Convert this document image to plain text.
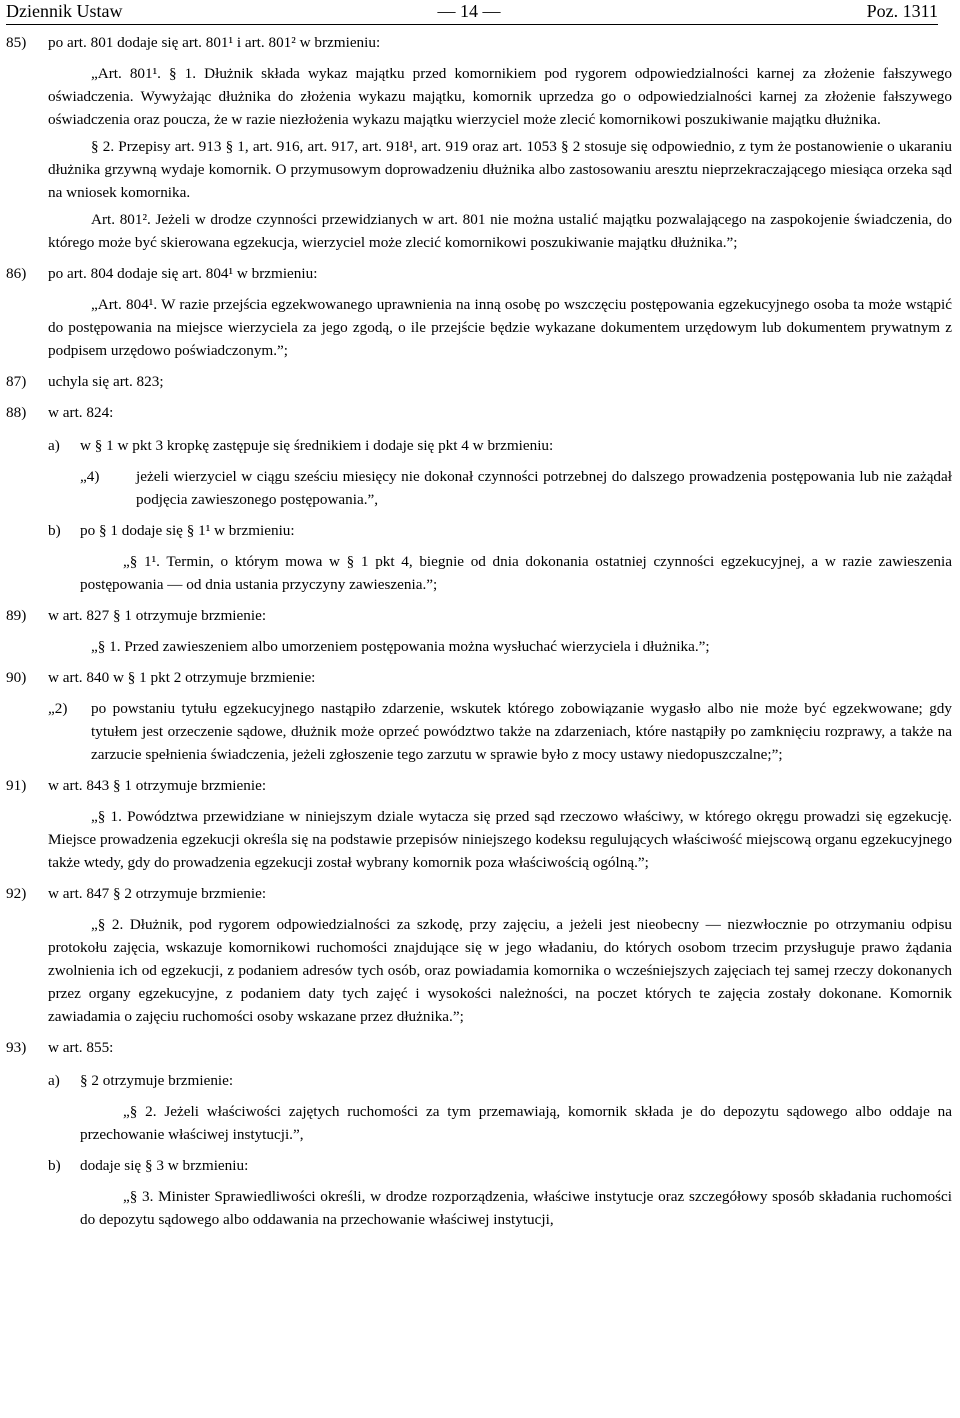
Dziennik Ustaw	— 14 —	Poz. 1311
85) po art. 801 dodaje się art. 801¹ i art. 801² w brzmieniu:
„Art. 801¹. § 1. Dłużnik składa wykaz majątku przed komornikiem pod rygorem odpowiedzialności karnej za złożenie fałszywego oświadczenia. Wywyżając dłużnika do złożenia wykazu majątku, komornik uprzedza go o odpowiedzialności karnej za złożenie fałszywego oświadczenia oraz poucza, że w razie niezłożenia wykazu majątku wierzyciel może zlecić komornikowi poszukiwanie majątku dłużnika.
§ 2. Przepisy art. 913 § 1, art. 916, art. 917, art. 918¹, art. 919 oraz art. 1053 § 2 stosuje się odpowiednio, z tym że postanowienie o ukaraniu dłużnika grzywną wydaje komornik. O przymusowym doprowadzeniu dłużnika albo zastosowaniu aresztu nieprzekraczającego miesiąca orzeka sąd na wniosek komornika.
Art. 801². Jeżeli w drodze czynności przewidzianych w art. 801 nie można ustalić majątku pozwalającego na zaspokojenie świadczenia, do którego może być skierowana egzekucja, wierzyciel może zlecić komornikowi poszukiwanie majątku dłużnika.”;
86) po art. 804 dodaje się art. 804¹ w brzmieniu:
„Art. 804¹. W razie przejścia egzekwowanego uprawnienia na inną osobę po wszczęciu postępowania egzekucyjnego osoba ta może wstąpić do postępowania na miejsce wierzyciela za jego zgodą, o ile przejście będzie wykazane dokumentem urzędowym lub dokumentem prywatnym z podpisem urzędowo poświadczonym.”;
87) uchyla się art. 823;
88) w art. 824:
a) w § 1 w pkt 3 kropkę zastępuje się średnikiem i dodaje się pkt 4 w brzmieniu:
„4) jeżeli wierzyciel w ciągu sześciu miesięcy nie dokonał czynności potrzebnej do dalszego prowadzenia postępowania lub nie zażądał podjęcia zawieszonego postępowania.”,
b) po § 1 dodaje się § 1¹ w brzmieniu:
„§ 1¹. Termin, o którym mowa w § 1 pkt 4, biegnie od dnia dokonania ostatniej czynności egzekucyjnej, a w razie zawieszenia postępowania — od dnia ustania przyczyny zawieszenia.”;
89) w art. 827 § 1 otrzymuje brzmienie:
„§ 1. Przed zawieszeniem albo umorzeniem postępowania można wysłuchać wierzyciela i dłużnika.”;
90) w art. 840 w § 1 pkt 2 otrzymuje brzmienie:
„2) po powstaniu tytułu egzekucyjnego nastąpiło zdarzenie, wskutek którego zobowiązanie wygasło albo nie może być egzekwowane; gdy tytułem jest orzeczenie sądowe, dłużnik może oprzeć powództwo także na zdarzeniach, które nastąpiły po zamknięciu rozprawy, a także na zarzucie spełnienia świadczenia, jeżeli zgłoszenie tego zarzutu w sprawie było z mocy ustawy niedopuszczalne;”;
91) w art. 843 § 1 otrzymuje brzmienie:
„§ 1. Powództwa przewidziane w niniejszym dziale wytacza się przed sąd rzeczowo właściwy, w którego okręgu prowadzi się egzekucję. Miejsce prowadzenia egzekucji określa się na podstawie przepisów niniejszego kodeksu regulujących właściwość miejscową organu egzekucyjnego także wtedy, gdy do prowadzenia egzekucji został wybrany komornik poza właściwością ogólną.”;
92) w art. 847 § 2 otrzymuje brzmienie:
„§ 2. Dłużnik, pod rygorem odpowiedzialności za szkodę, przy zajęciu, a jeżeli jest nieobecny — niezwłocznie po otrzymaniu odpisu protokołu zajęcia, wskazuje komornikowi ruchomości znajdujące się w jego władaniu, do których osobom trzecim przysługuje prawo żądania zwolnienia ich od egzekucji, z podaniem adresów tych osób, oraz powiadamia komornika o wcześniejszych zajęciach tej samej rzeczy dokonanych przez organy egzekucyjne, z podaniem daty tych zajęć i wysokości należności, na poczet których te zajęcia zostały dokonane. Komornik zawiadamia o zajęciu ruchomości osoby wskazane przez dłużnika.”;
93) w art. 855:
a) § 2 otrzymuje brzmienie:
„§ 2. Jeżeli właściwości zajętych ruchomości za tym przemawiają, komornik składa je do depozytu sądowego albo oddaje na przechowanie właściwej instytucji.”,
b) dodaje się § 3 w brzmieniu:
„§ 3. Minister Sprawiedliwości określi, w drodze rozporządzenia, właściwe instytucje oraz szczegółowy sposób składania ruchomości do depozytu sądowego albo oddawania na przechowanie właściwej instytucji,
